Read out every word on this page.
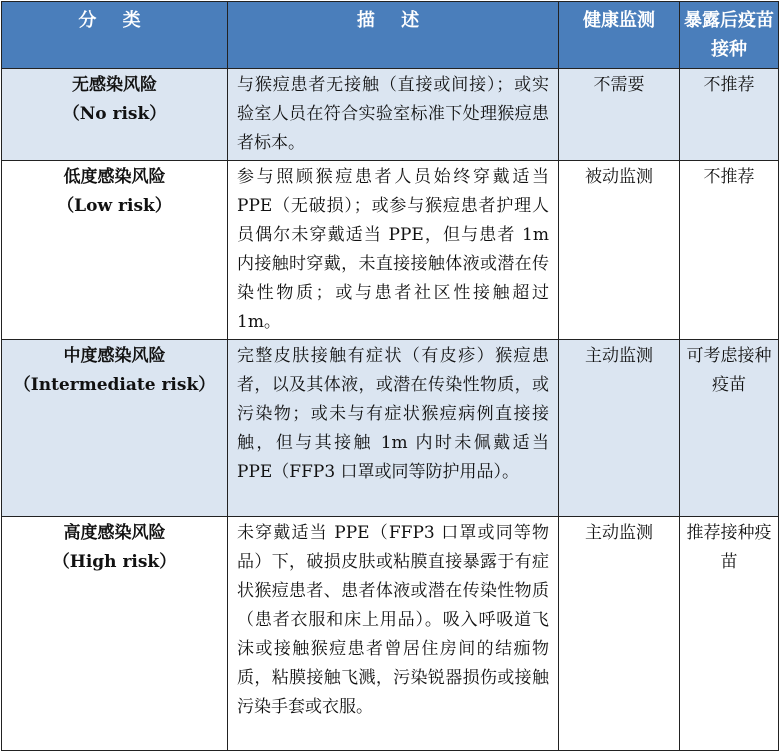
分 类	描 述	健康监测	暴露后疫苗接种

无感染风险
（No risk）	与猴痘患者无接触（直接或间接）；或实验室人员在符合实验室标准下处理猴痘患者标本。	不需要	不推荐

低度感染风险
（Low risk）	参与照顾猴痘患者人员始终穿戴适当 PPE（无破损）；或参与猴痘患者护理人员偶尔未穿戴适当 PPE，但与患者 1m 内接触时穿戴，未直接接触体液或潜在传染性物质；或与患者社区性接触超过 1m。	被动监测	不推荐

中度感染风险
（Intermediate risk）	完整皮肤接触有症状（有皮疹）猴痘患者，以及其体液，或潜在传染性物质，或污染物；或未与有症状猴痘病例直接接触，但与其接触 1m 内时未佩戴适当 PPE（FFP3 口罩或同等防护用品）。	主动监测	可考虑接种疫苗

高度感染风险
（High risk）	未穿戴适当 PPE（FFP3 口罩或同等物品）下，破损皮肤或粘膜直接暴露于有症状猴痘患者、患者体液或潜在传染性物质（患者衣服和床上用品）。吸入呼吸道飞沫或接触猴痘患者曾居住房间的结痂物质，粘膜接触飞溅，污染锐器损伤或接触污染手套或衣服。	主动监测	推荐接种疫苗
